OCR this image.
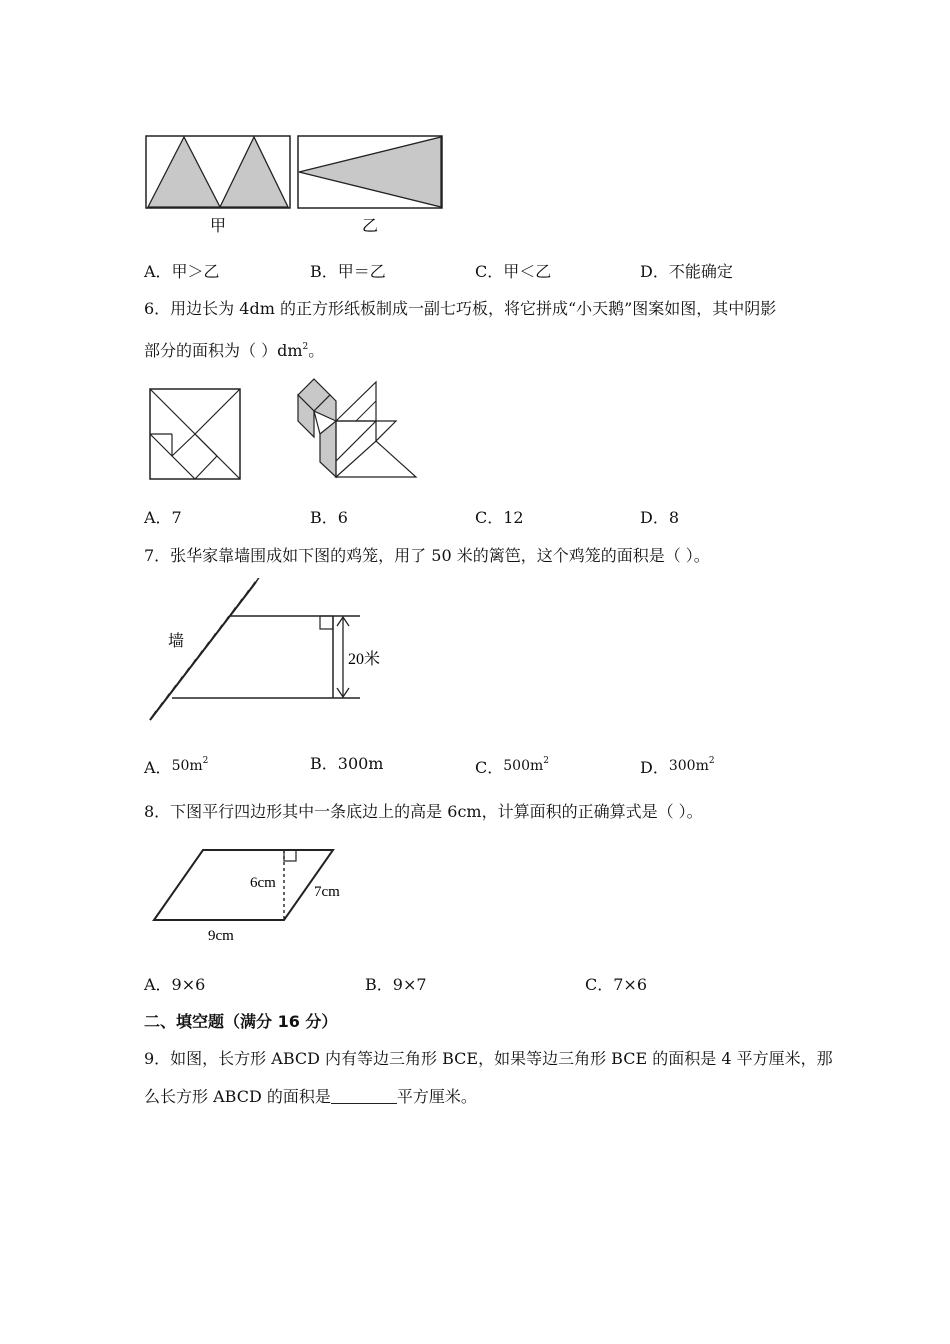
甲	乙
A．甲＞乙	B．甲＝乙	C．甲＜乙	D．不能确定
6．用边长为 4dm 的正方形纸板制成一副七巧板，将它拼成“小天鹅”图案如图，其中阴影
部分的面积为（ ）$dm^2$。
A．7	B．6	C．12	D．8
7．张华家靠墙围成如下图的鸡笼，用了 50 米的篱笆，这个鸡笼的面积是（ ）。
墙
20米
A．$50m^2$	B．300m	C．$500m^2$	D．$300m^2$
8．下图平行四边形其中一条底边上的高是 6cm，计算面积的正确算式是（ ）。
6cm
7cm
9cm
A．9×6	B．9×7	C．7×6
二、填空题（满分 16 分）
9．如图，长方形 ABCD 内有等边三角形 BCE，如果等边三角形 BCE 的面积是 4 平方厘米，那
么长方形 ABCD 的面积是	平方厘米。
